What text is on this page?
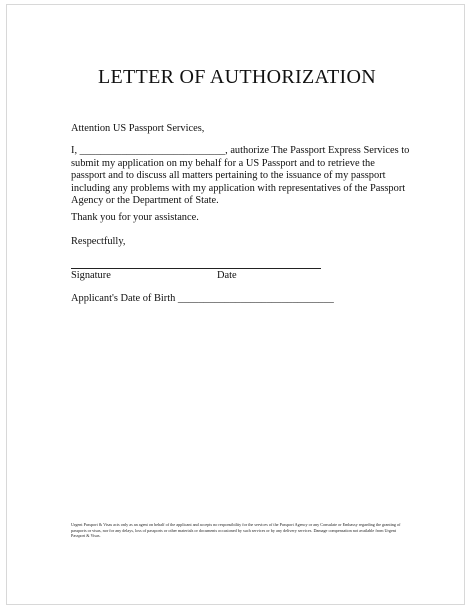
LETTER OF AUTHORIZATION

Attention US Passport Services,

I, ____________________________, authorize The Passport Express Services to submit my application on my behalf for a US Passport and to retrieve the passport and to discuss all matters pertaining to the issuance of my passport including any problems with my application with representatives of the Passport Agency or the Department of State.

Thank you for your assistance.

Respectfully,

Signature	Date

Applicant's Date of Birth ______________________________

Urgent Passport & Visas acts only as an agent on behalf of the applicant and accepts no responsibility for the services of the Passport Agency or any Consulate or Embassy regarding the granting of passports or visas, nor for any delays, loss of passports or other materials or documents occasioned by such services or by any delivery services. Damage compensation not available from Urgent Passport & Visas.
